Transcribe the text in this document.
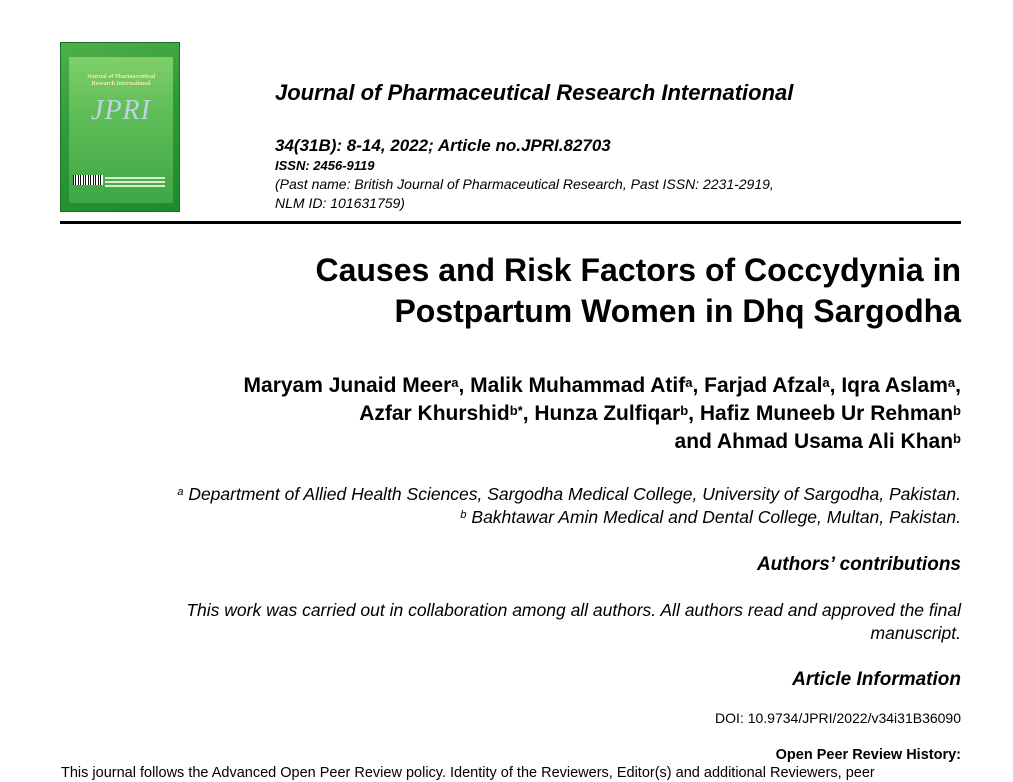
Journal of Pharmaceutical
Research International
JPRI
Journal of Pharmaceutical Research International
34(31B): 8-14, 2022; Article no.JPRI.82703
ISSN: 2456-9119
(Past name: British Journal of Pharmaceutical Research, Past ISSN: 2231-2919,
NLM ID: 101631759)
Causes and Risk Factors of Coccydynia in
Postpartum Women in Dhq Sargodha
Maryam Junaid Meer$^a$, Malik Muhammad Atif$^a$, Farjad Afzal$^a$, Iqra Aslam$^a$,
Azfar Khurshid$^{b*}$, Hunza Zulfiqar$^b$, Hafiz Muneeb Ur Rehman$^b$
and Ahmad Usama Ali Khan$^b$
$^a$ Department of Allied Health Sciences, Sargodha Medical College, University of Sargodha, Pakistan.
$^b$ Bakhtawar Amin Medical and Dental College, Multan, Pakistan.
Authors’ contributions
This work was carried out in collaboration among all authors. All authors read and approved the final
manuscript.
Article Information
DOI: 10.9734/JPRI/2022/v34i31B36090
Open Peer Review History:
This journal follows the Advanced Open Peer Review policy. Identity of the Reviewers, Editor(s) and additional Reviewers, peer
